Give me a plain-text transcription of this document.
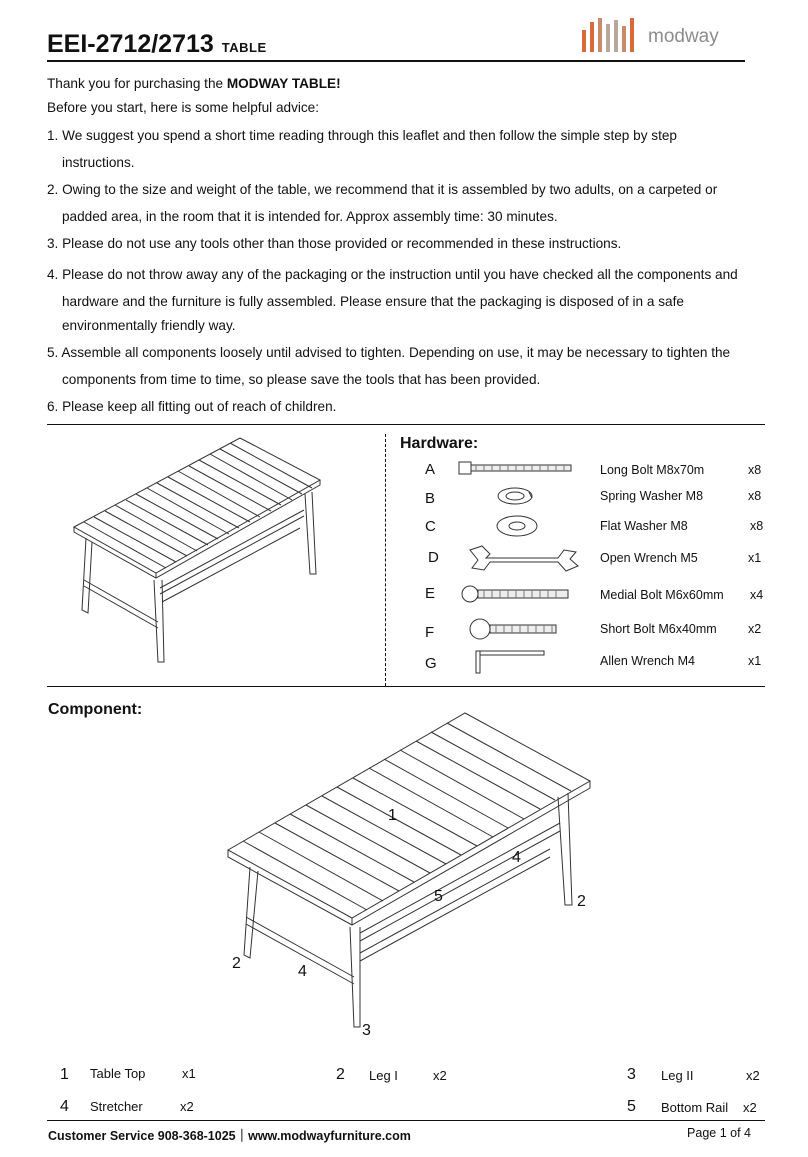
EEI-2712/2713 TABLE
modway
Thank you for purchasing the MODWAY TABLE!
Before you start, here is some helpful advice:
1. We suggest you spend a short time reading through this leaflet and then follow the simple step by step
instructions.
2. Owing to the size and weight of the table, we recommend that it is assembled by two adults, on a carpeted or
padded area, in the room that it is intended for. Approx assembly time: 30 minutes.
3. Please do not use any tools other than those provided or recommended in these instructions.
4. Please do not throw away any of the packaging or the instruction until you have checked all the components and
hardware and the furniture is fully assembled. Please ensure that the packaging is disposed of in a safe
environmentally friendly way.
5. Assemble all components loosely until advised to tighten. Depending on use, it may be necessary to tighten the
components from time to time, so please save the tools that has been provided.
6. Please keep all fitting out of reach of children.
Hardware:
A	Long Bolt M8x70m	x8
B	Spring Washer M8	x8
C	Flat Washer M8	x8
D	Open Wrench M5	x1
E	Medial Bolt M6x60mm x4
F	Short Bolt M6x40mm	x2
G	Allen Wrench M4	x1
Component:
1
4
5	2
2	4
3
1 Table Top	x1	2 Leg I	x2	3 Leg II	x2
4 Stretcher	x2	5 Bottom Rail x2
Customer Service 908-368-1025｜www.modwayfurniture.com	Page 1 of 4
